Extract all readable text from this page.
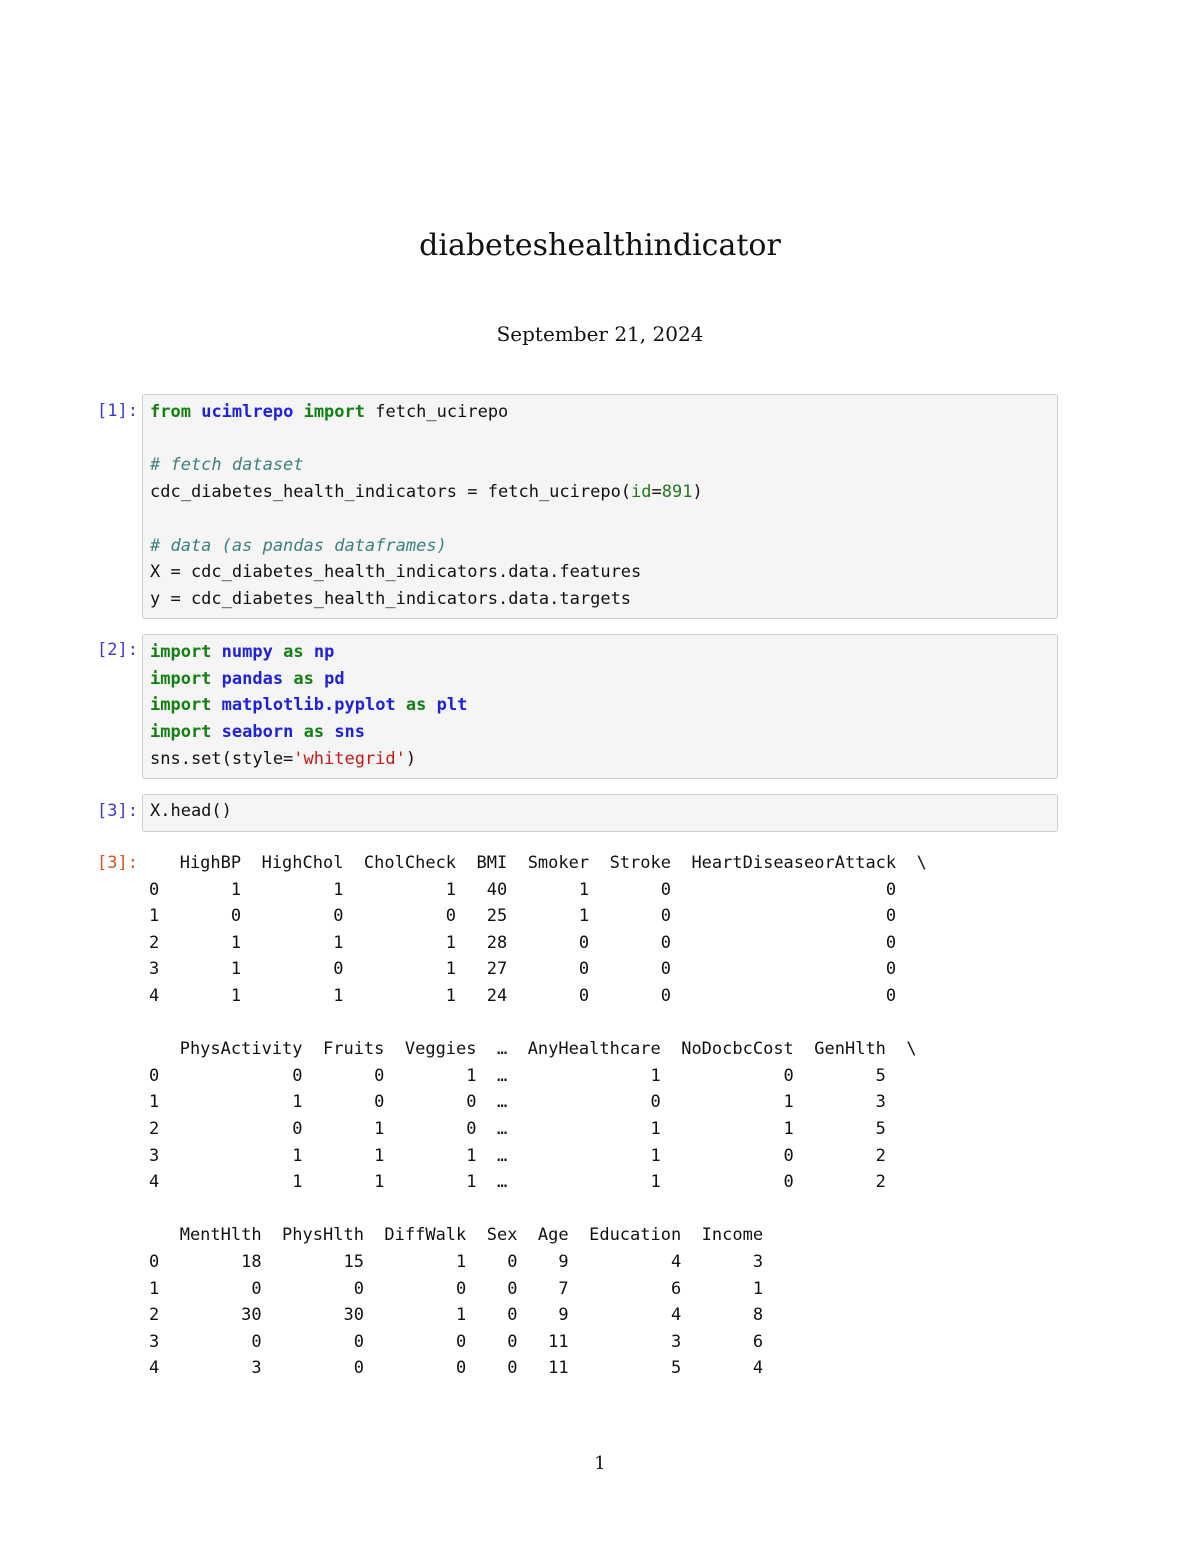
diabeteshealthindicator
September 21, 2024
[1]: from ucimlrepo import fetch_ucirepo

# fetch dataset
cdc_diabetes_health_indicators = fetch_ucirepo(id=891)

# data (as pandas dataframes)
X = cdc_diabetes_health_indicators.data.features
y = cdc_diabetes_health_indicators.data.targets
[2]: import numpy as np
import pandas as pd
import matplotlib.pyplot as plt
import seaborn as sns
sns.set(style='whitegrid')
[3]: X.head()
[3]: HighBP  HighChol  CholCheck  BMI  Smoker  Stroke  HeartDiseaseorAttack  \
0       1         1          1   40       1       0                     0
1       0         0          0   25       1       0                     0
2       1         1          1   28       0       0                     0
3       1         0          1   27       0       0                     0
4       1         1          1   24       0       0                     0
PhysActivity  Fruits  Veggies  …  AnyHealthcare  NoDocbcCost  GenHlth  \
0             0       0        1  …              1            0        5
1             1       0        0  …              0            1        3
2             0       1        0  …              1            1        5
3             1       1        1  …              1            0        2
4             1       1        1  …              1            0        2
MentHlth  PhysHlth  DiffWalk  Sex  Age  Education  Income
0        18        15         1    0    9          4       3
1         0         0         0    0    7          6       1
2        30        30         1    0    9          4       8
3         0         0         0    0   11          3       6
4         3         0         0    0   11          5       4
1
